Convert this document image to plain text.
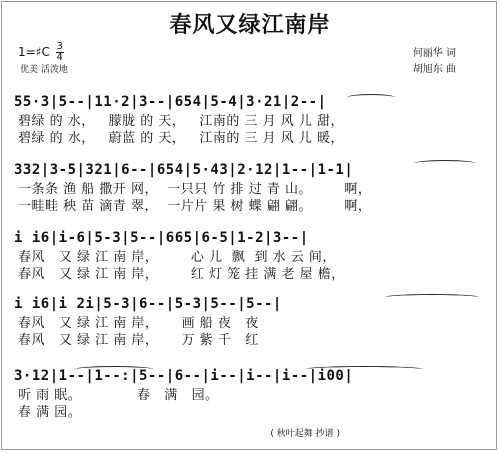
春风又绿江南岸
1=♯C $\frac{3}{4}$
优美 活泼地
何丽华 词
胡旭东 曲
55·3|5--|11·2|3--|654|5-4|3·21|2--|
碧绿 的 水，   朦胧 的 天，   江南的 三 月 风 儿 甜，
碧绿 的 水，   蔚蓝 的 天，   江南的 三 月 风 儿 暖，
332|3-5|321|6--|654|5·43|2·12|1--|1-1|
一条条 渔 船 撒开 网，  一只只 竹 排 过 青 山。       啊，
一畦畦 秧 苗 滴青 翠，  一片片 果 树 蝶 翩 翩。       啊，
i i6|i-6|5-3|5--|665|6-5|1-2|3--|
春风   又 绿 江 南 岸，       心 儿  飘  到 水 云 间，
春风   又 绿 江 南 岸，       红 灯 笼 挂 满 老 屋 檐，
i i6|i 2i|5-3|6--|5-3|5--|5--|
春风   又 绿 江 南 岸，     画 船 夜   夜
春风   又 绿 江 南 岸，     万 紫 千   红
3·12|1--|1--:|5--|6--|i--|i--|i--|i00|
听 雨 眠。            春   满   园。
春 满 园。
( 秋叶起舞 抄谱 )
